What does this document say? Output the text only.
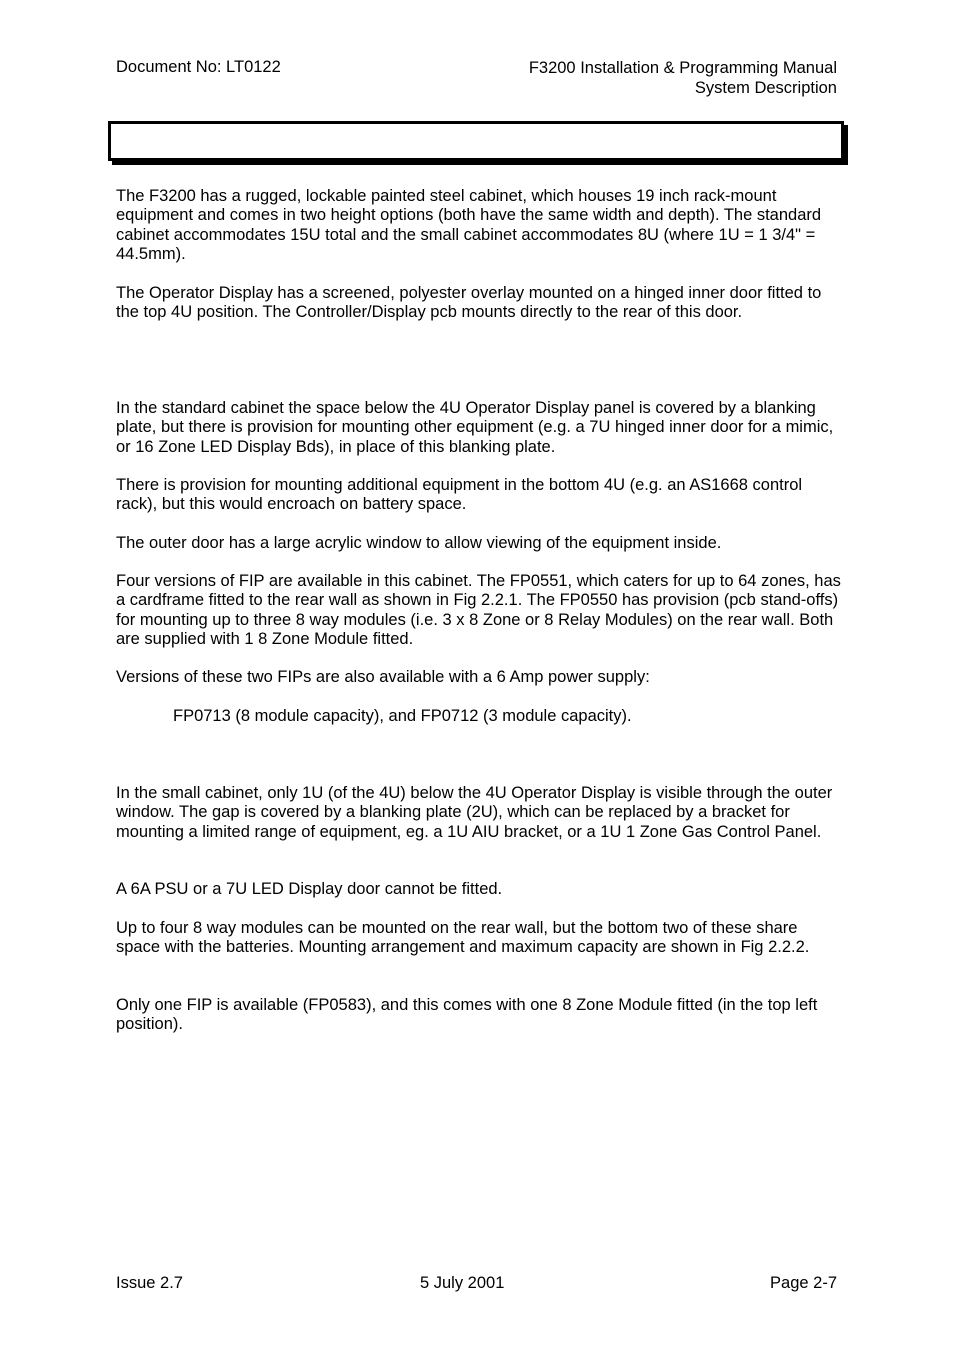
Document No: LT0122	F3200 Installation & Programming Manual
System Description

The F3200 has a rugged, lockable painted steel cabinet, which houses 19 inch rack-mount equipment and comes in two height options (both have the same width and depth). The standard cabinet accommodates 15U total and the small cabinet accommodates 8U (where 1U = 1 3/4" = 44.5mm).

The Operator Display has a screened, polyester overlay mounted on a hinged inner door fitted to the top 4U position. The Controller/Display pcb mounts directly to the rear of this door.

In the standard cabinet the space below the 4U Operator Display panel is covered by a blanking plate, but there is provision for mounting other equipment (e.g. a 7U hinged inner door for a mimic, or 16 Zone LED Display Bds), in place of this blanking plate.

There is provision for mounting additional equipment in the bottom 4U (e.g. an AS1668 control rack), but this would encroach on battery space.

The outer door has a large acrylic window to allow viewing of the equipment inside.

Four versions of FIP are available in this cabinet. The FP0551, which caters for up to 64 zones, has a cardframe fitted to the rear wall as shown in Fig 2.2.1. The FP0550 has provision (pcb stand-offs) for mounting up to three 8 way modules (i.e. 3 x 8 Zone or 8 Relay Modules) on the rear wall. Both are supplied with 1 8 Zone Module fitted.

Versions of these two FIPs are also available with a 6 Amp power supply:

FP0713 (8 module capacity), and FP0712 (3 module capacity).

In the small cabinet, only 1U (of the 4U) below the 4U Operator Display is visible through the outer window. The gap is covered by a blanking plate (2U), which can be replaced by a bracket for mounting a limited range of equipment, eg. a 1U AIU bracket, or a 1U 1 Zone Gas Control Panel.

A 6A PSU or a 7U LED Display door cannot be fitted.

Up to four 8 way modules can be mounted on the rear wall, but the bottom two of these share space with the batteries. Mounting arrangement and maximum capacity are shown in Fig 2.2.2.

Only one FIP is available (FP0583), and this comes with one 8 Zone Module fitted (in the top left position).

Issue 2.7	5 July 2001	Page 2-7
